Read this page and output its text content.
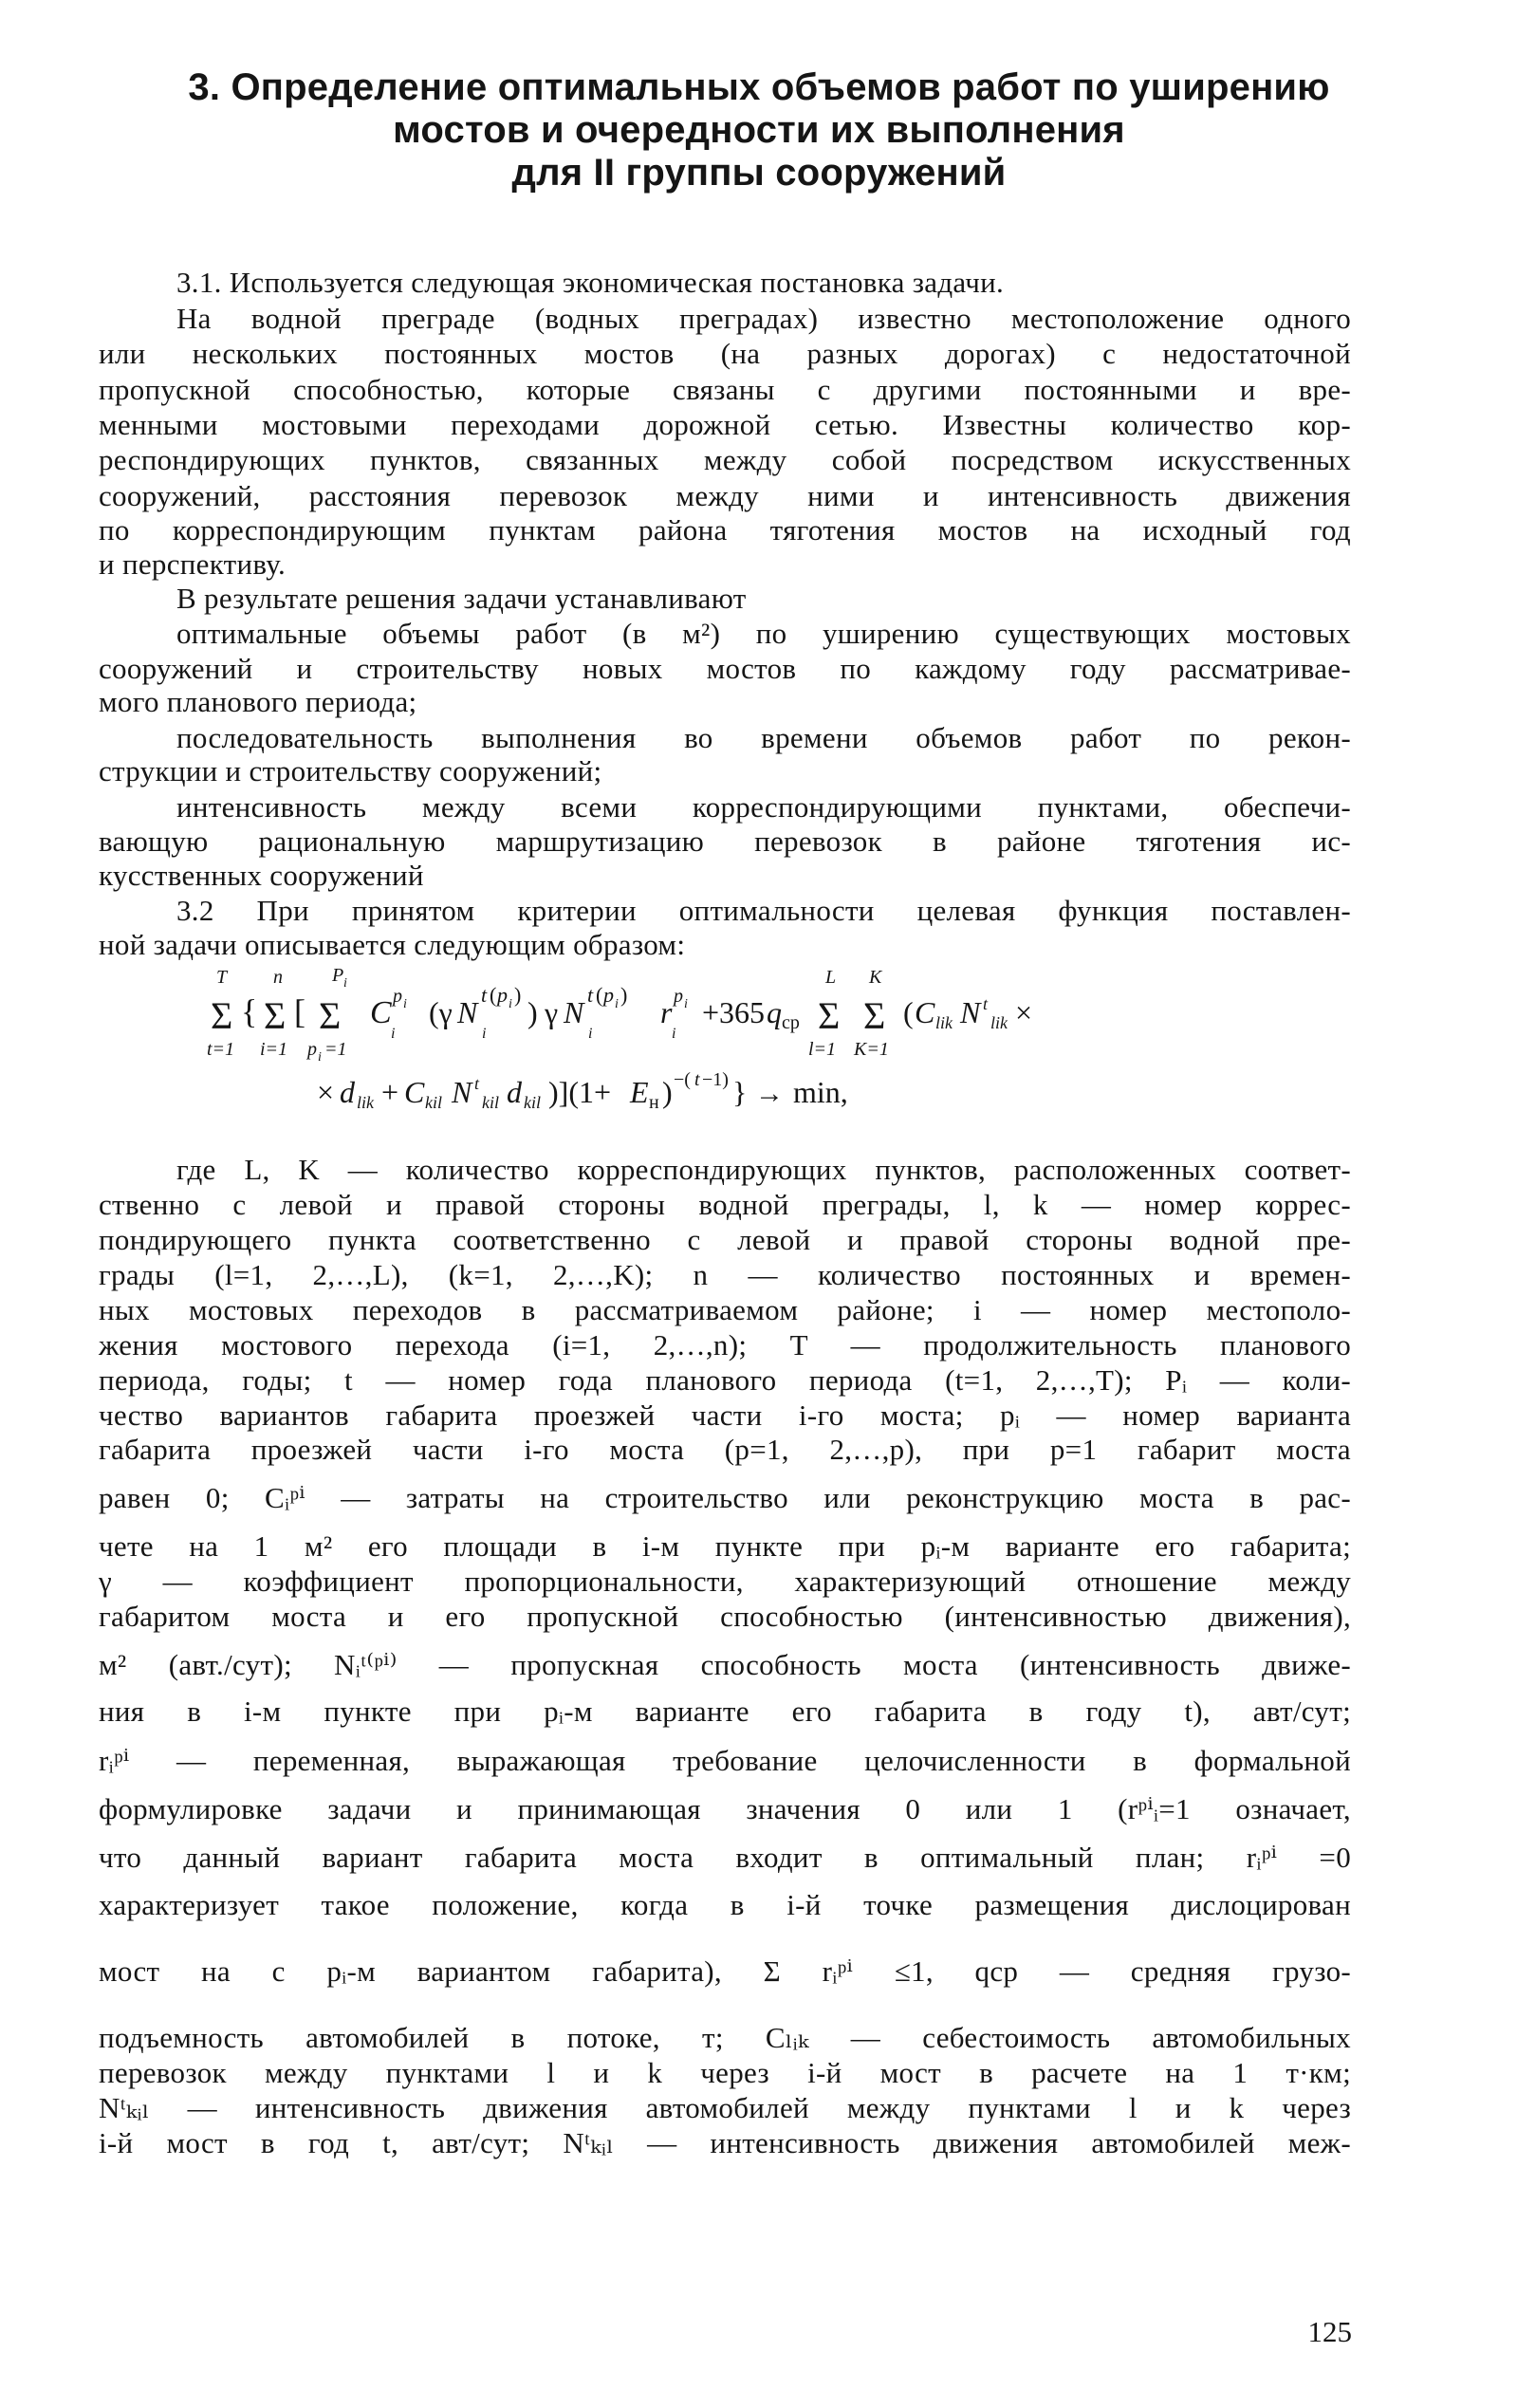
3. Определение оптимальных объемов работ по уширению
мостов и очередности их выполнения
для II группы сооружений
3.1. Используется следующая экономическая постановка задачи.
На водной преграде (водных преградах) известно местоположение одного
или нескольких постоянных мостов (на разных дорогах) с недостаточной
пропускной способностью, которые связаны с другими постоянными и вре-
менными мостовыми переходами дорожной сетью. Известны количество кор-
респондирующих пунктов, связанных между собой посредством искусственных
сооружений, расстояния перевозок между ними и интенсивность движения
по корреспондирующим пунктам района тяготения мостов на исходный год
и перспективу.
В результате решения задачи устанавливают
оптимальные объемы работ (в м²) по уширению существующих мостовых
сооружений и строительству новых мостов по каждому году рассматривае-
мого планового периода;
последовательность выполнения во времени объемов работ по рекон-
струкции и строительству сооружений;
интенсивность между всеми корреспондирующими пунктами, обеспечи-
вающую рациональную маршрутизацию перевозок в районе тяготения ис-
кусственных сооружений
3.2 При принятом критерии оптимальности целевая функция поставлен-
ной задачи описывается следующим образом:
T
Σ
t=1
{
n
Σ
i=1
[
P i
Σ
p i =1
C p i
i
(γ N
t ( p i )
i
) γ N
t ( p i )
i
r p i
i
+365 q ср
L
Σ
l=1
K
Σ
K=1
( C lik N t
lik ×
× d lik + C kil N t
kil d kil )](1+ E н ) −( t −1) } → min,
где L, K — количество корреспондирующих пунктов, расположенных соответ-
ственно с левой и правой стороны водной преграды, l, k — номер коррес-
пондирующего пункта соответственно с левой и правой стороны водной пре-
грады (l=1, 2,…,L), (k=1, 2,…,K); n — количество постоянных и времен-
ных мостовых переходов в рассматриваемом районе; i — номер местополо-
жения мостового перехода (i=1, 2,…,n); T — продолжительность планового
периода, годы; t — номер года планового периода (t=1, 2,…,T); Pᵢ — коли-
чество вариантов габарита проезжей части i-го моста; pᵢ — номер варианта
габарита проезжей части i-го моста (p=1, 2,…,p), при p=1 габарит моста
равен 0; Cᵢᵖⁱ — затраты на строительство или реконструкцию моста в рас-
чете на 1 м² его площади в i-м пункте при pᵢ-м варианте его габарита;
γ — коэффициент пропорциональности, характеризующий отношение между
габаритом моста и его пропускной способностью (интенсивностью движения),
м² (авт./сут); Nᵢᵗ⁽ᵖⁱ⁾ — пропускная способность моста (интенсивность движе-
ния в i-м пункте при pᵢ-м варианте его габарита в году t), авт/сут;
rᵢᵖⁱ — переменная, выражающая требование целочисленности в формальной
формулировке задачи и принимающая значения 0 или 1 (rᵖⁱᵢ=1 означает,
что данный вариант габарита моста входит в оптимальный план; rᵢᵖⁱ =0
характеризует такое положение, когда в i-й точке размещения дислоцирован
мост на с pᵢ-м вариантом габарита), Σ rᵢᵖⁱ ≤1, qср — средняя грузо-
подъемность автомобилей в потоке, т; Cₗᵢₖ — себестоимость автомобильных
перевозок между пунктами l и k через i-й мост в расчете на 1 т·км;
Nᵗₖᵢₗ — интенсивность движения автомобилей между пунктами l и k через
i-й мост в год t, авт/сут; Nᵗₖᵢₗ — интенсивность движения автомобилей меж-
125
